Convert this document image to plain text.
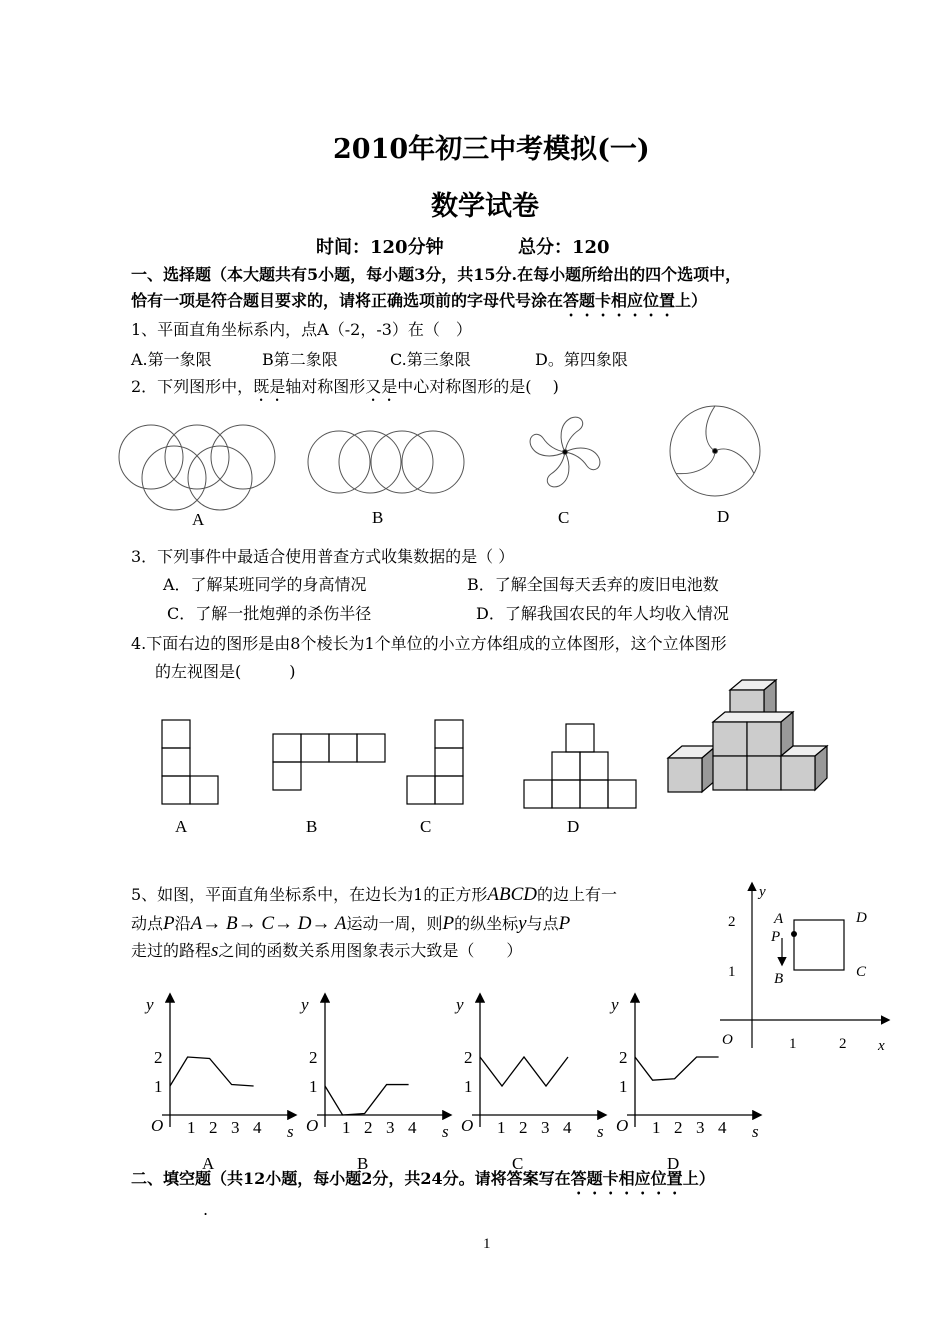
2010年初三中考模拟(一)
数学试卷
时间：120分钟	总分：120
一、选择题（本大题共有5小题，每小题3分，共15分.在每小题所给出的四个选项中，
恰有一项是符合题目要求的，请将正确选项前的字母代号涂在答题卡相应位置上）
1、平面直角坐标系内，点A（-2，-3）在（　）
A.第一象限	B第二象限	C.第三象限	D。第四象限
2．下列图形中，既是轴对称图形又是中心对称图形的是(　 )
A	B	C	D
3．下列事件中最适合使用普查方式收集数据的是（ ）
A．了解某班同学的身高情况	B．了解全国每天丢弃的废旧电池数
C．了解一批炮弹的杀伤半径	D．了解我国农民的年人均收入情况
4.下面右边的图形是由8个棱长为1个单位的小立方体组成的立体图形，这个立体图形
的左视图是(　　　)
A	B	C	D
5、如图，平面直角坐标系中，在边长为1的正方形ABCD的边上有一
动点P沿A→ B→ C→ D→ A运动一周，则P的纵坐标y与点P
走过的路程s之间的函数关系用图象表示大致是（　　）
y
x
O	1	2
1
2	A
B	C
D
P
y
s
O 1 2 3 4
1
2
A
y
s
O 1 2 3 4
1
2
B
y
s
O 1 2 3 4
1
2
C
y
s
O 1 2 3 4
1
2
D
二、填空题（共12小题，每小题2分，共24分。请将答案写在答题卡相应位置上）
.
1
